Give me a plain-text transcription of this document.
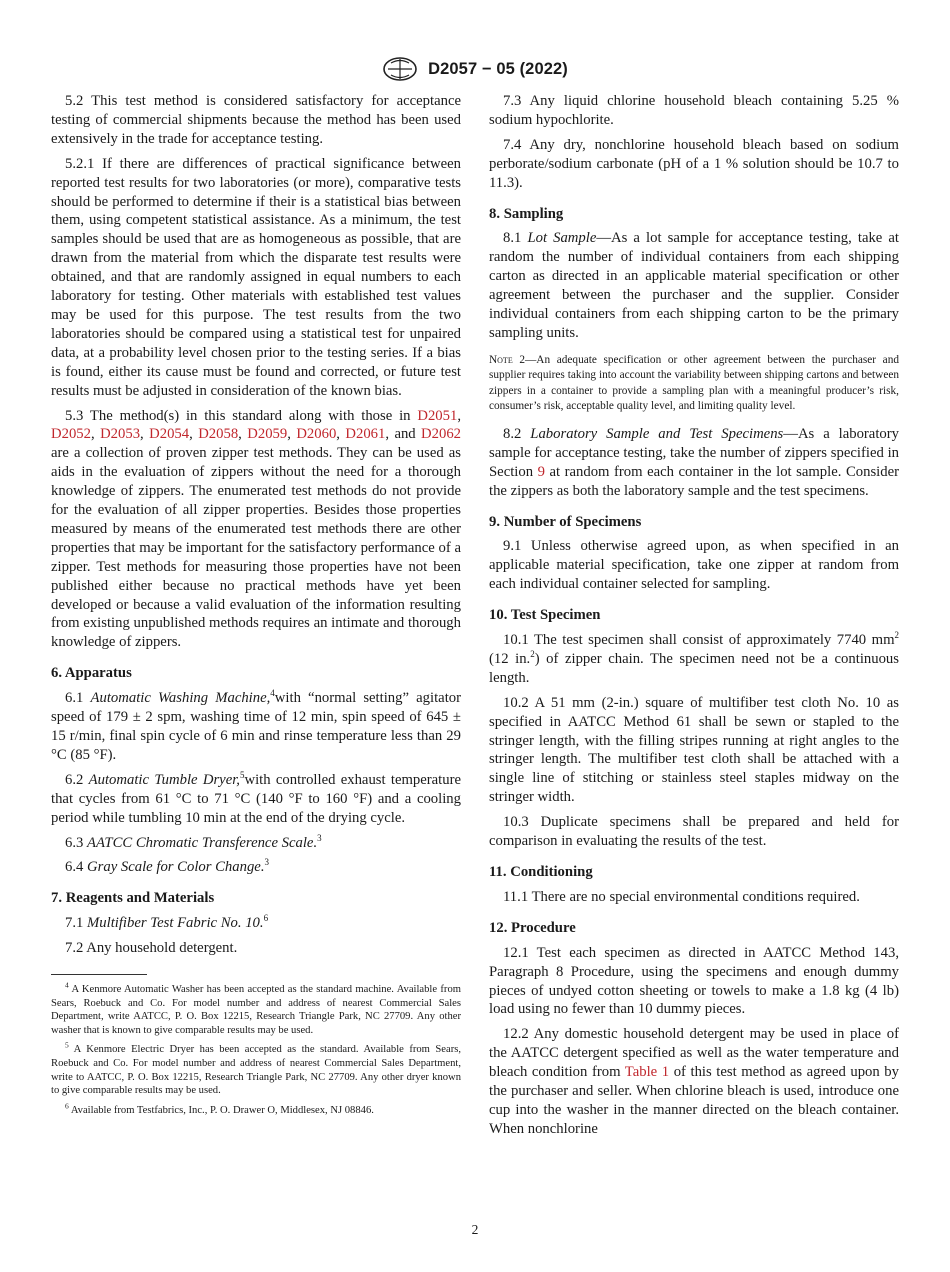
D2057 − 05 (2022)

5.2 This test method is considered satisfactory for acceptance testing of commercial shipments because the method has been used extensively in the trade for acceptance testing.

5.2.1 If there are differences of practical significance between reported test results for two laboratories (or more), comparative tests should be performed to determine if their is a statistical bias between them, using competent statistical assistance. As a minimum, the test samples should be used that are as homogeneous as possible, that are drawn from the material from which the disparate test results were obtained, and that are randomly assigned in equal numbers to each laboratory for testing. Other materials with established test values may be used for this purpose. The test results from the two laboratories should be compared using a statistical test for unpaired data, at a probability level chosen prior to the testing series. If a bias is found, either its cause must be found and corrected, or future test results must be adjusted in consideration of the known bias.

5.3 The method(s) in this standard along with those in D2051, D2052, D2053, D2054, D2058, D2059, D2060, D2061, and D2062 are a collection of proven zipper test methods. They can be used as aids in the evaluation of zippers without the need for a thorough knowledge of zippers. The enumerated test methods do not provide for the evaluation of all zipper properties. Besides those properties measured by means of the enumerated test methods there are other properties that may be important for the satisfactory performance of a zipper. Test methods for measuring those properties have not been published either because no practical methods have yet been developed or because a valid evaluation of the information resulting from existing unpublished methods requires an intimate and thorough knowledge of zippers.

6. Apparatus

6.1 Automatic Washing Machine,$^4$with “normal setting” agitator speed of 179 ± 2 spm, washing time of 12 min, spin speed of 645 ± 15 r/min, final spin cycle of 6 min and rinse temperature less than 29 °C (85 °F).

6.2 Automatic Tumble Dryer,$^5$with controlled exhaust temperature that cycles from 61 °C to 71 °C (140 °F to 160 °F) and a cooling period while tumbling 10 min at the end of the drying cycle.

6.3 AATCC Chromatic Transference Scale.$^3$

6.4 Gray Scale for Color Change.$^3$

7. Reagents and Materials

7.1 Multifiber Test Fabric No. 10.$^6$

7.2 Any household detergent.

$^4$ A Kenmore Automatic Washer has been accepted as the standard machine. Available from Sears, Roebuck and Co. For model number and address of nearest Commercial Sales Department, write AATCC, P. O. Box 12215, Research Triangle Park, NC 27709. Any other washer that is known to give comparable results may be used.

$^5$ A Kenmore Electric Dryer has been accepted as the standard. Available from Sears, Roebuck and Co. For model number and address of nearest Commercial Sales Department, write to AATCC, P. O. Box 12215, Research Triangle Park, NC 27709. Any other dryer known to give comparable results may be used.

$^6$ Available from Testfabrics, Inc., P. O. Drawer O, Middlesex, NJ 08846.

7.3 Any liquid chlorine household bleach containing 5.25 % sodium hypochlorite.

7.4 Any dry, nonchlorine household bleach based on sodium perborate/sodium carbonate (pH of a 1 % solution should be 10.7 to 11.3).

8. Sampling

8.1 Lot Sample—As a lot sample for acceptance testing, take at random the number of individual containers from each shipping carton as directed in an applicable material specification or other agreement between the purchaser and the supplier. Consider individual containers from each shipping carton to be the primary sampling units.

Note 2—An adequate specification or other agreement between the purchaser and supplier requires taking into account the variability between shipping cartons and between zippers in a container to provide a sampling plan with a meaningful producer’s risk, consumer’s risk, acceptable quality level, and limiting quality level.

8.2 Laboratory Sample and Test Specimens—As a laboratory sample for acceptance testing, take the number of zippers specified in Section 9 at random from each container in the lot sample. Consider the zippers as both the laboratory sample and the test specimens.

9. Number of Specimens

9.1 Unless otherwise agreed upon, as when specified in an applicable material specification, take one zipper at random from each individual container selected for sampling.

10. Test Specimen

10.1 The test specimen shall consist of approximately 7740 $mm^2$ (12 in.$^2$) of zipper chain. The specimen need not be a continuous length.

10.2 A 51 mm (2-in.) square of multifiber test cloth No. 10 as specified in AATCC Method 61 shall be sewn or stapled to the stringer length, with the filling stripes running at right angles to the stringer length. The multifiber test cloth shall be attached with a single line of stitching or stainless steel staples midway on the stringer width.

10.3 Duplicate specimens shall be prepared and held for comparison in evaluating the results of the test.

11. Conditioning

11.1 There are no special environmental conditions required.

12. Procedure

12.1 Test each specimen as directed in AATCC Method 143, Paragraph 8 Procedure, using the specimens and enough dummy pieces of undyed cotton sheeting or towels to make a 1.8 kg (4 lb) load using no fewer than 10 dummy pieces.

12.2 Any domestic household detergent may be used in place of the AATCC detergent specified as well as the water temperature and bleach condition from Table 1 of this test method as agreed upon by the purchaser and seller. When chlorine bleach is used, introduce one cup into the washer in the manner directed on the bleach container. When nonchlorine

2
